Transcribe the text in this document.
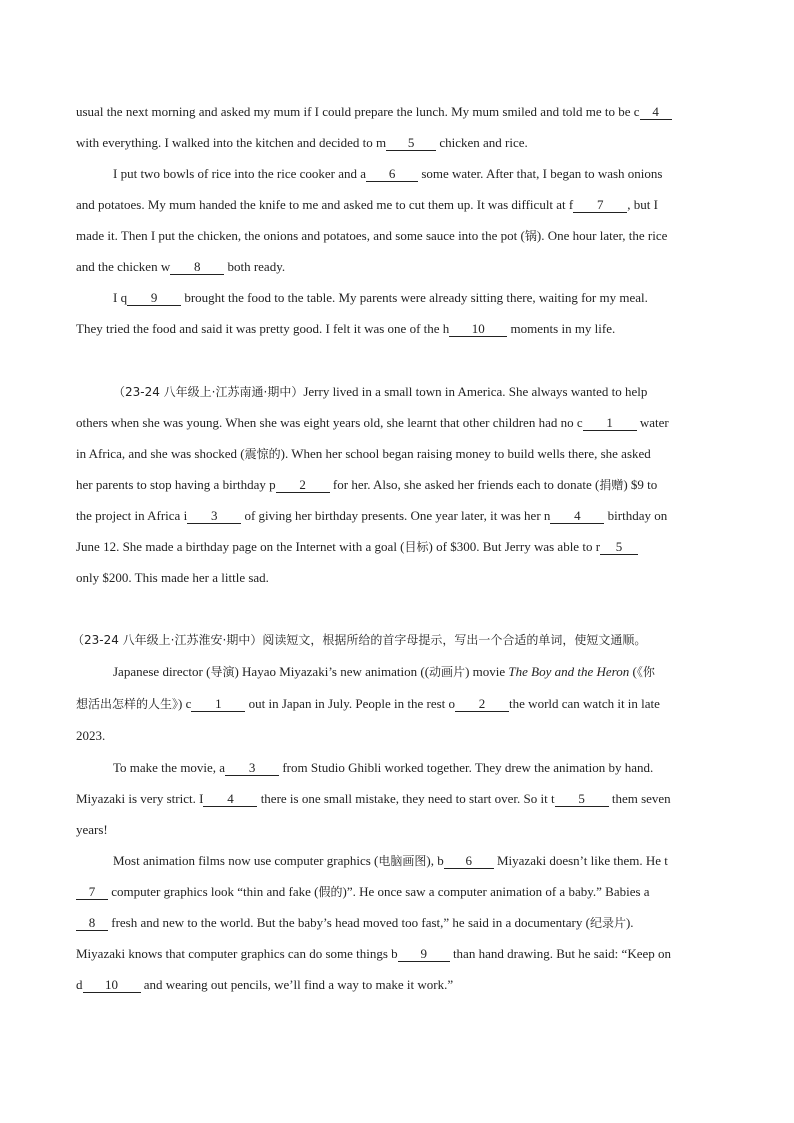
usual the next morning and asked my mum if I could prepare the lunch. My mum smiled and told me to be c 4
with everything. I walked into the kitchen and decided to m 5 chicken and rice.
I put two bowls of rice into the rice cooker and a 6 some water. After that, I began to wash onions
and potatoes. My mum handed the knife to me and asked me to cut them up. It was difficult at f 7 , but I
made it. Then I put the chicken, the onions and potatoes, and some sauce into the pot (锅). One hour later, the rice
and the chicken w 8 both ready.
I q 9 brought the food to the table. My parents were already sitting there, waiting for my meal.
They tried the food and said it was pretty good. I felt it was one of the h 10 moments in my life.
（23-24 八年级上·江苏南通·期中）Jerry lived in a small town in America. She always wanted to help
others when she was young. When she was eight years old, she learnt that other children had no c 1 water
in Africa, and she was shocked (震惊的). When her school began raising money to build wells there, she asked
her parents to stop having a birthday p 2 for her. Also, she asked her friends each to donate (捐赠) $9 to
the project in Africa i 3 of giving her birthday presents. One year later, it was her n 4 birthday on
June 12. She made a birthday page on the Internet with a goal (目标) of $300. But Jerry was able to r 5
only $200. This made her a little sad.
（23-24 八年级上·江苏淮安·期中）阅读短文，根据所给的首字母提示，写出一个合适的单词，使短文通顺。
Japanese director (导演) Hayao Miyazaki’s new animation ((动画片) movie The Boy and the Heron (《你
想活出怎样的人生》) c 1 out in Japan in July. People in the rest o 2 the world can watch it in late
2023.
To make the movie, a 3 from Studio Ghibli worked together. They drew the animation by hand.
Miyazaki is very strict. I 4 there is one small mistake, they need to start over. So it t 5 them seven
years!
Most animation films now use computer graphics (电脑画图), b 6 Miyazaki doesn’t like them. He t
7 computer graphics look “thin and fake (假的)”. He once saw a computer animation of a baby.” Babies a
8 fresh and new to the world. But the baby’s head moved too fast,” he said in a documentary (纪录片).
Miyazaki knows that computer graphics can do some things b 9 than hand drawing. But he said: “Keep on
d 10 and wearing out pencils, we’ll find a way to make it work.”
